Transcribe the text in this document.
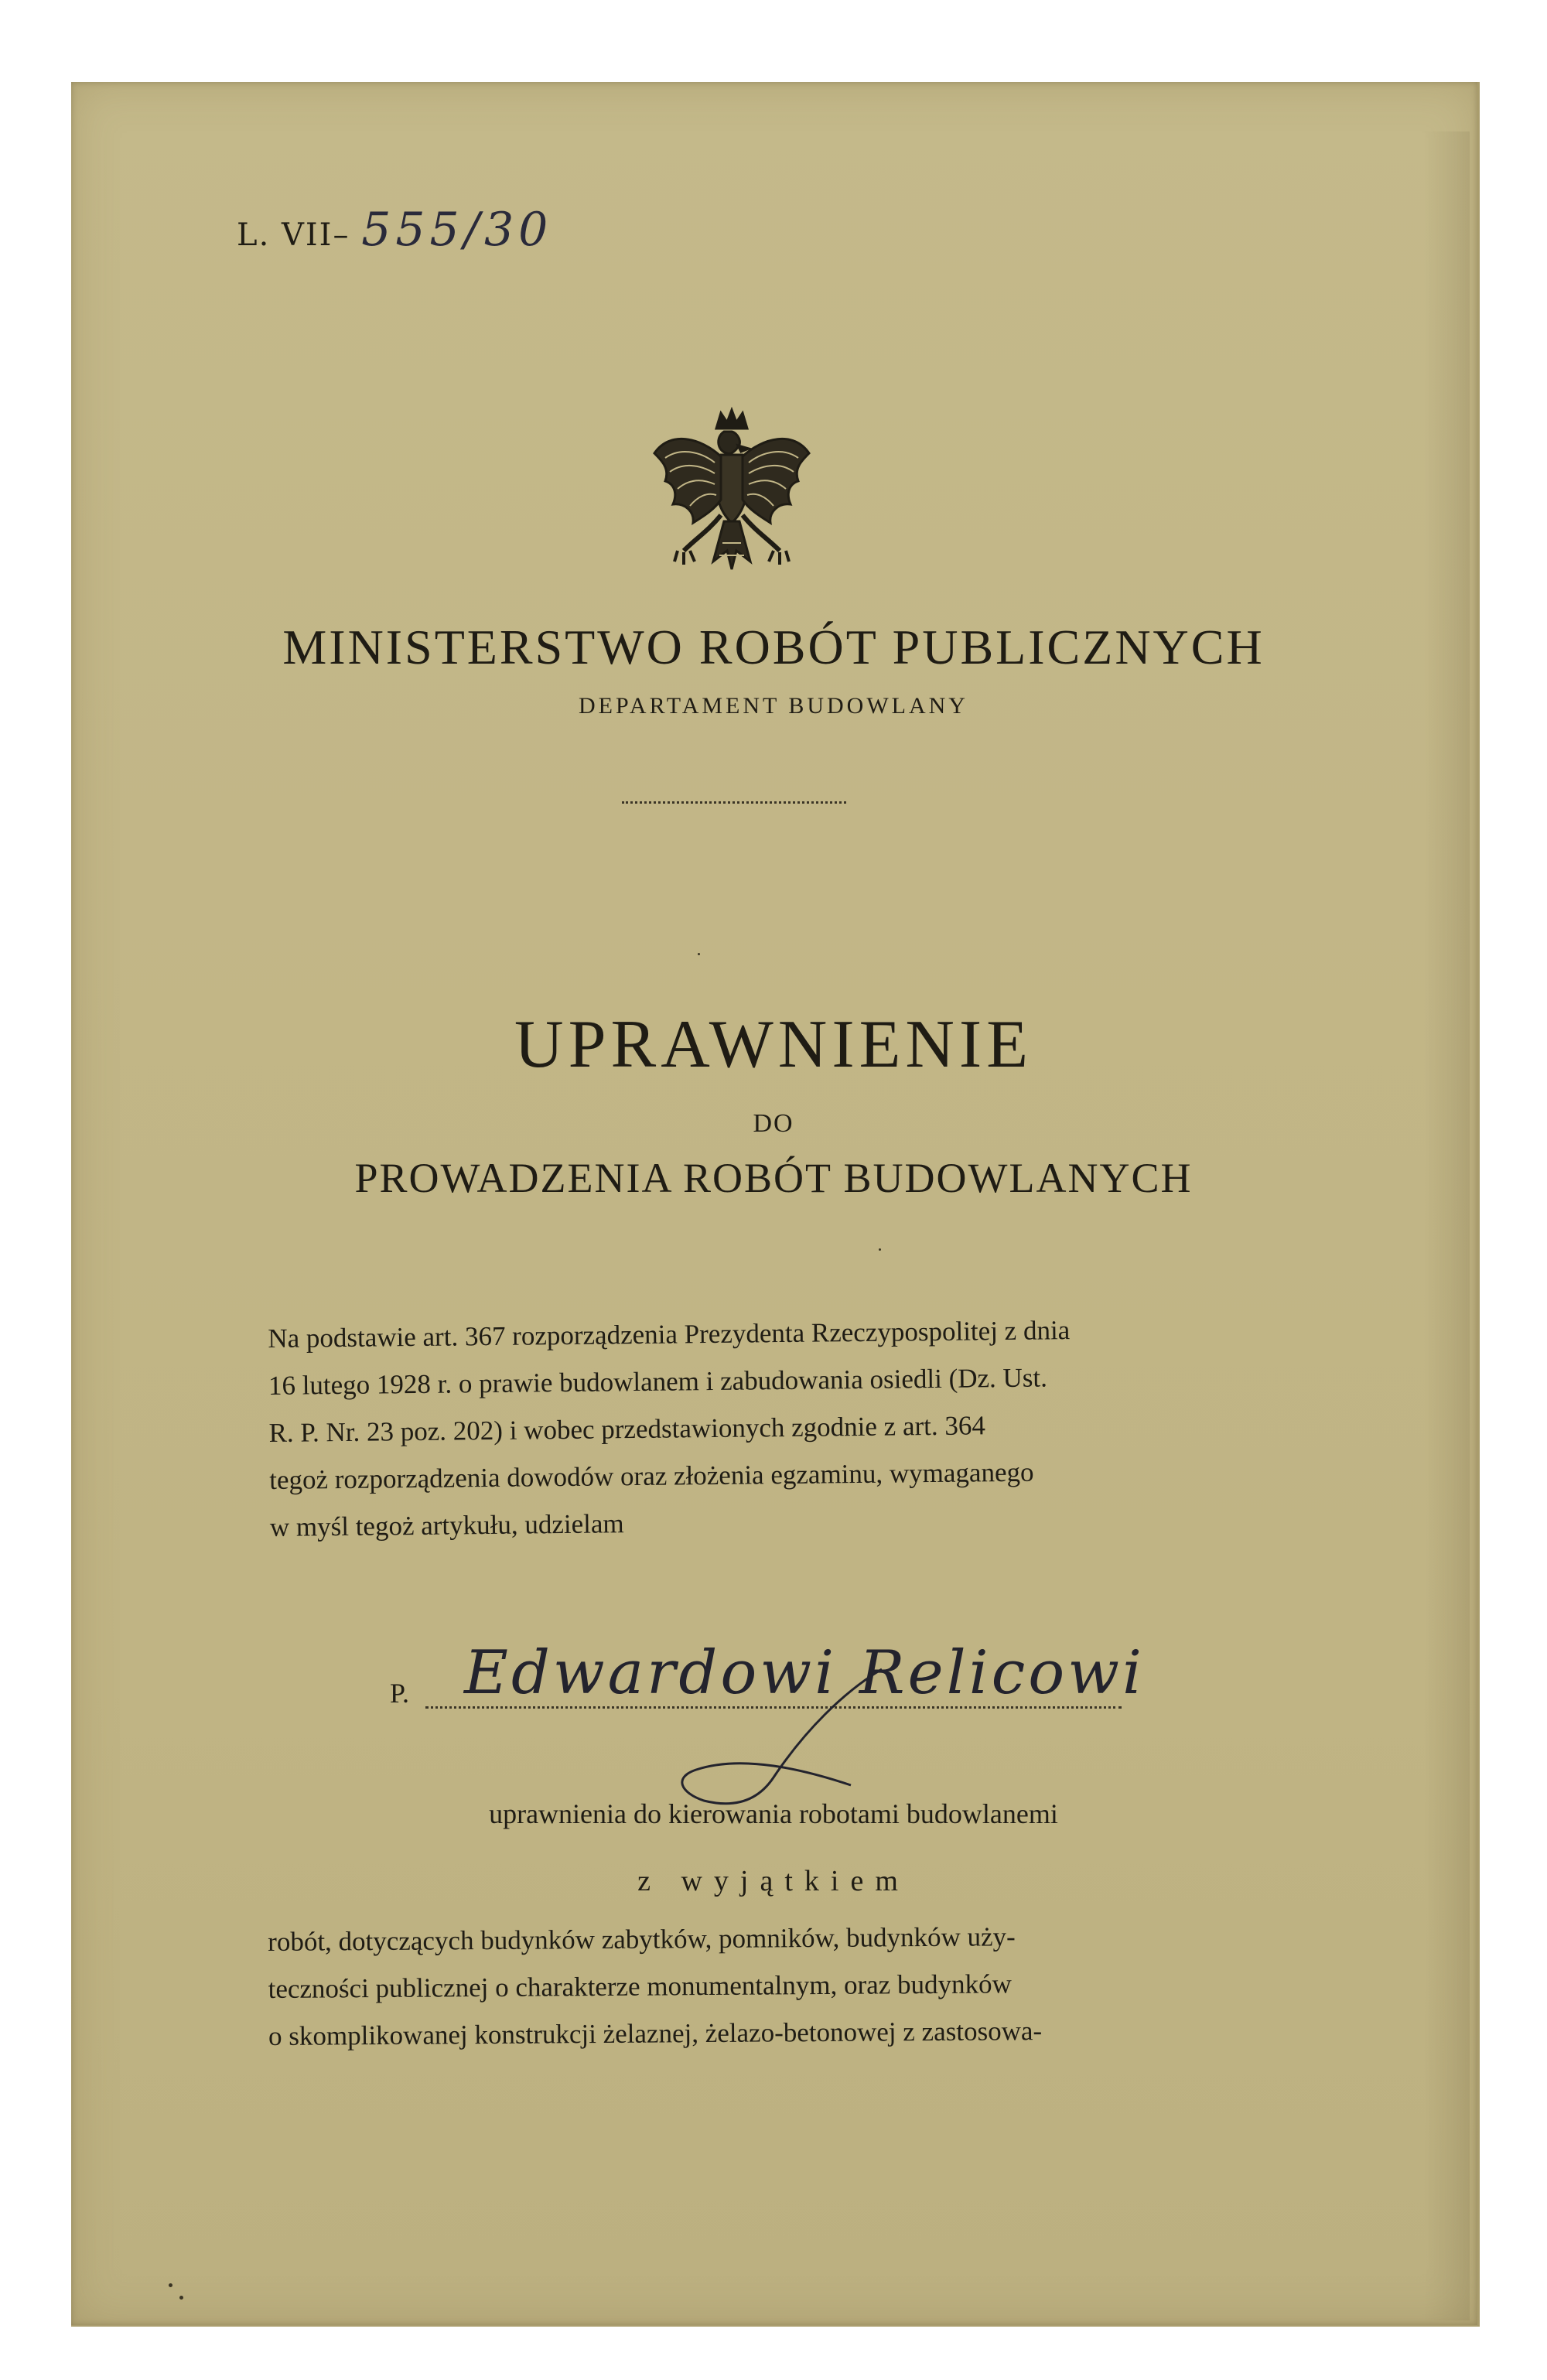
L. VII– 555/30
MINISTERSTWO ROBÓT PUBLICZNYCH
DEPARTAMENT BUDOWLANY
UPRAWNIENIE
DO
PROWADZENIA ROBÓT BUDOWLANYCH
Na podstawie art. 367 rozporządzenia Prezydenta Rzeczypospolitej z dnia
16 lutego 1928 r. o prawie budowlanem i zabudowania osiedli (Dz. Ust.
R. P. Nr. 23 poz. 202) i wobec przedstawionych zgodnie z art. 364
tegoż rozporządzenia dowodów oraz złożenia egzaminu, wymaganego
w myśl tegoż artykułu, udzielam
P. Edwardowi Relicowi
uprawnienia do kierowania robotami budowlanemi
z wyjątkiem
robót, dotyczących budynków zabytków, pomników, budynków uży-
teczności publicznej o charakterze monumentalnym, oraz budynków
o skomplikowanej konstrukcji żelaznej, żelazo-betonowej z zastosowa-
